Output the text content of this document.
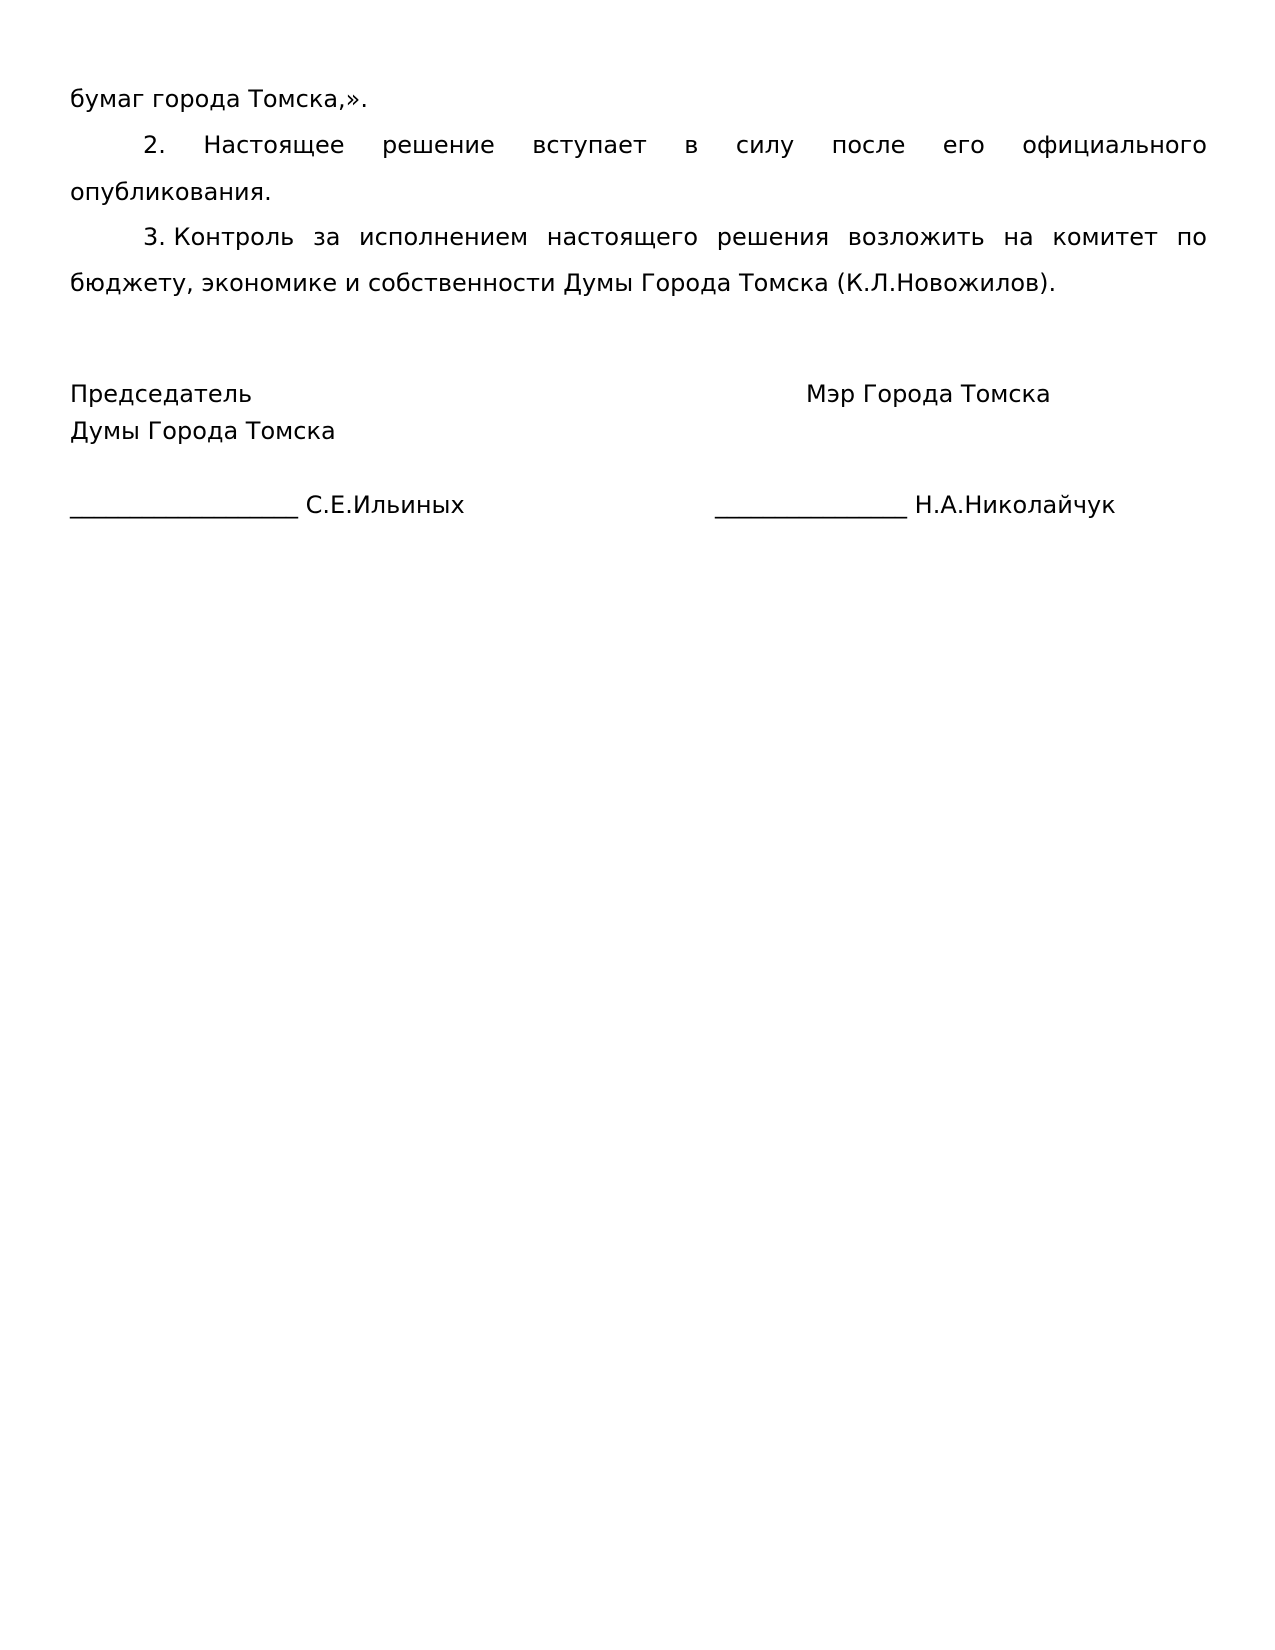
бумаг города Томска,».
2. Настоящее решение вступает в силу после его официального
опубликования.
3. Контроль за исполнением настоящего решения возложить на комитет по
бюджету, экономике и собственности Думы Города Томска (К.Л.Новожилов).
Председатель
Думы Города Томска
Мэр Города Томска
___________________ С.Е.Ильиных	________________ Н.А.Николайчук
